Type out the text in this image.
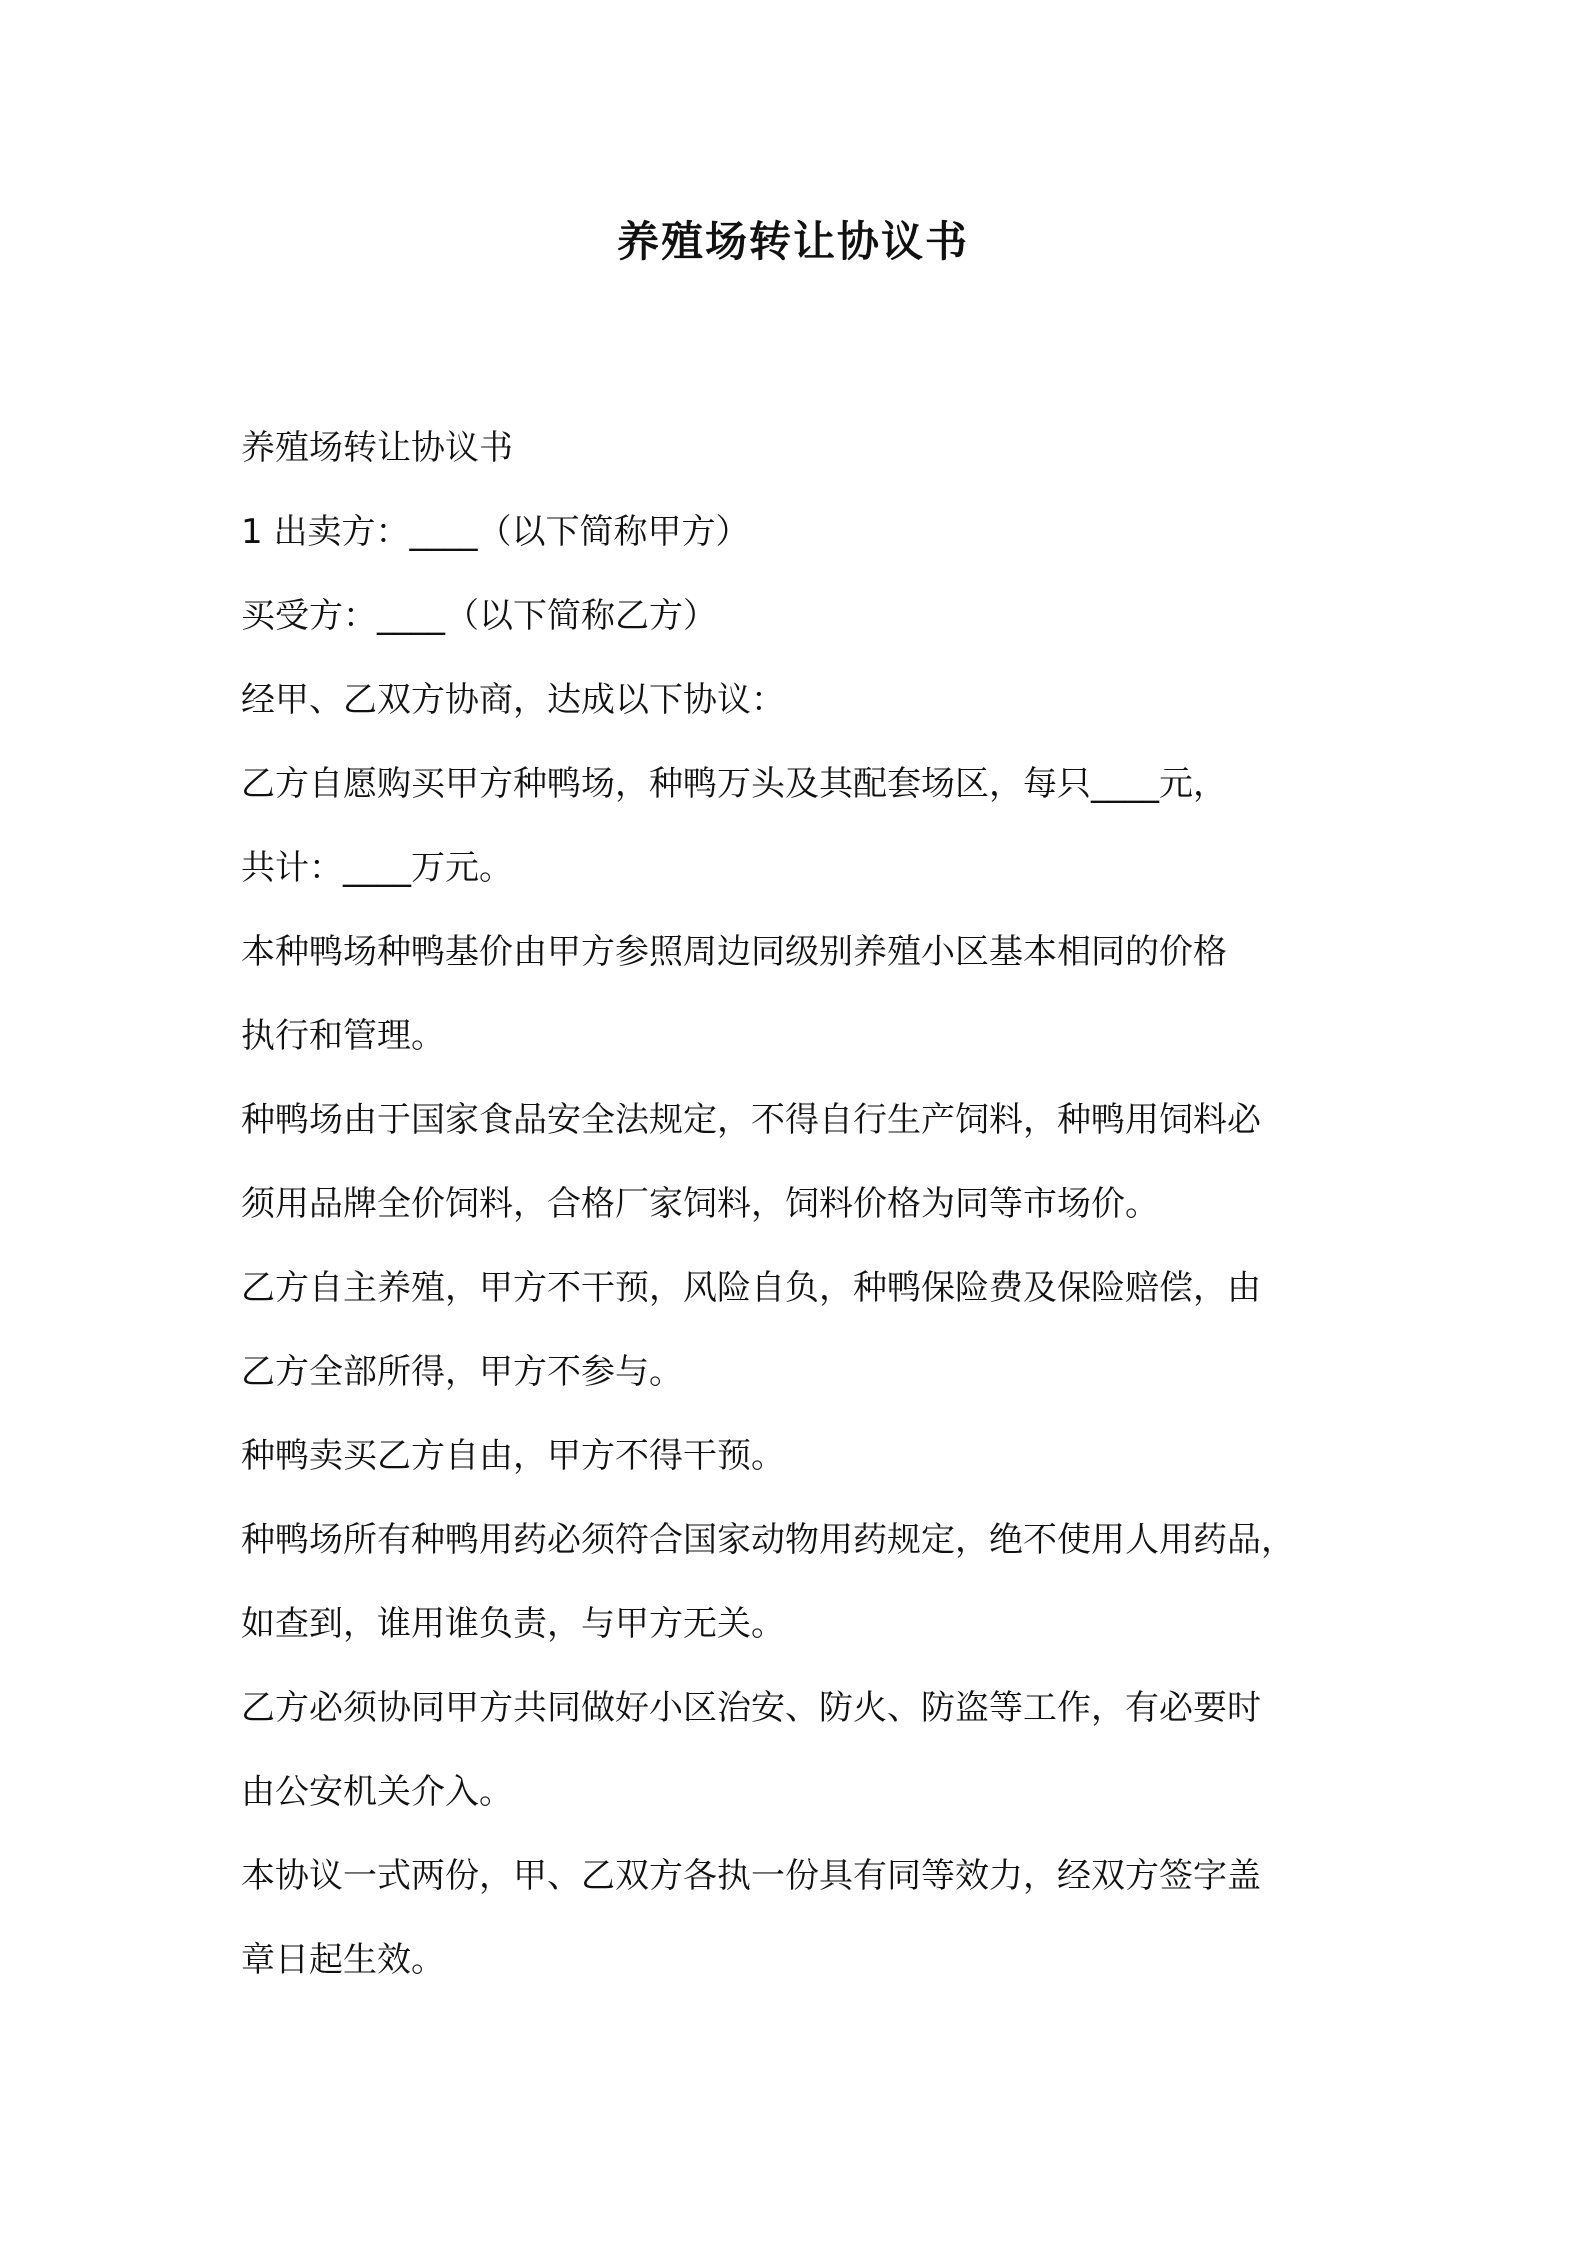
养殖场转让协议书

养殖场转让协议书

1 出卖方：____（以下简称甲方）

买受方：____（以下简称乙方）

经甲、乙双方协商，达成以下协议：

乙方自愿购买甲方种鸭场，种鸭万头及其配套场区，每只____元，

共计：____万元。

本种鸭场种鸭基价由甲方参照周边同级别养殖小区基本相同的价格

执行和管理。

种鸭场由于国家食品安全法规定，不得自行生产饲料，种鸭用饲料必

须用品牌全价饲料，合格厂家饲料，饲料价格为同等市场价。

乙方自主养殖，甲方不干预，风险自负，种鸭保险费及保险赔偿，由

乙方全部所得，甲方不参与。

种鸭卖买乙方自由，甲方不得干预。

种鸭场所有种鸭用药必须符合国家动物用药规定，绝不使用人用药品，

如查到，谁用谁负责，与甲方无关。

乙方必须协同甲方共同做好小区治安、防火、防盗等工作，有必要时

由公安机关介入。

本协议一式两份，甲、乙双方各执一份具有同等效力，经双方签字盖

章日起生效。
